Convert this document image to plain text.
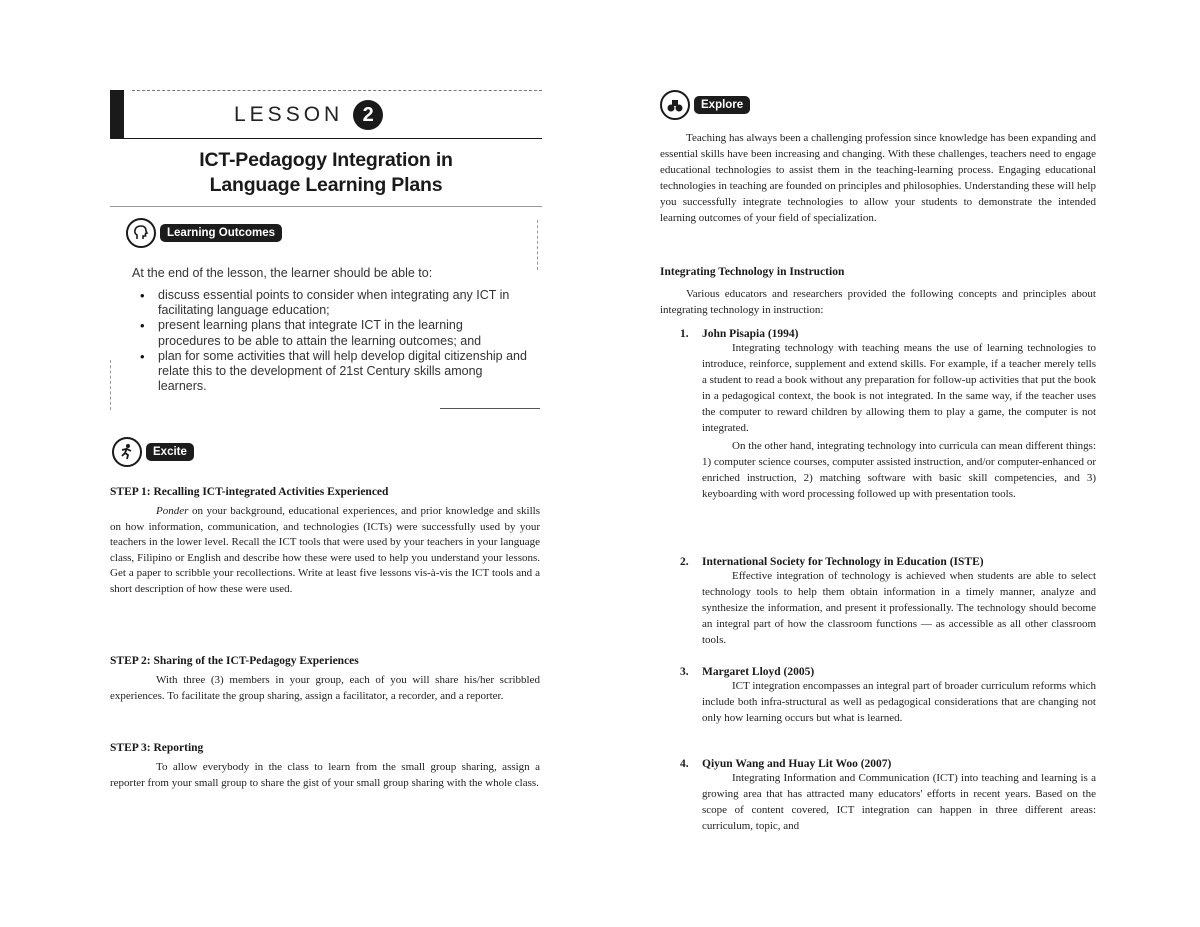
LESSON 2
ICT-Pedagogy Integration in
Language Learning Plans
Learning Outcomes
At the end of the lesson, the learner should be able to:
• discuss essential points to consider when integrating any ICT in facilitating language education;
• present learning plans that integrate ICT in the learning procedures to be able to attain the learning outcomes; and
• plan for some activities that will help develop digital citizenship and relate this to the development of 21st Century skills among learners.
Excite
STEP 1: Recalling ICT-integrated Activities Experienced
Ponder on your background, educational experiences, and prior knowledge and skills on how information, communication, and technologies (ICTs) were successfully used by your teachers in the lower level. Recall the ICT tools that were used by your teachers in your language class, Filipino or English and describe how these were used to help you understand your lessons. Get a paper to scribble your recollections. Write at least five lessons vis-à-vis the ICT tools and a short description of how these were used.
STEP 2: Sharing of the ICT-Pedagogy Experiences
With three (3) members in your group, each of you will share his/her scribbled experiences. To facilitate the group sharing, assign a facilitator, a recorder, and a reporter.
STEP 3: Reporting
To allow everybody in the class to learn from the small group sharing, assign a reporter from your small group to share the gist of your small group sharing with the whole class.
Explore
Teaching has always been a challenging profession since knowledge has been expanding and essential skills have been increasing and changing. With these challenges, teachers need to engage educational technologies to assist them in the teaching-learning process. Engaging educational technologies in teaching are founded on principles and philosophies. Understanding these will help you successfully integrate technologies to allow your students to demonstrate the intended learning outcomes of your field of specialization.
Integrating Technology in Instruction
Various educators and researchers provided the following concepts and principles about integrating technology in instruction:
1. John Pisapia (1994)
Integrating technology with teaching means the use of learning technologies to introduce, reinforce, supplement and extend skills. For example, if a teacher merely tells a student to read a book without any preparation for follow-up activities that put the book in a pedagogical context, the book is not integrated. In the same way, if the teacher uses the computer to reward children by allowing them to play a game, the computer is not integrated.
On the other hand, integrating technology into curricula can mean different things: 1) computer science courses, computer assisted instruction, and/or computer-enhanced or enriched instruction, 2) matching software with basic skill competencies, and 3) keyboarding with word processing followed up with presentation tools.
2. International Society for Technology in Education (ISTE)
Effective integration of technology is achieved when students are able to select technology tools to help them obtain information in a timely manner, analyze and synthesize the information, and present it professionally. The technology should become an integral part of how the classroom functions — as accessible as all other classroom tools.
3. Margaret Lloyd (2005)
ICT integration encompasses an integral part of broader curriculum reforms which include both infra-structural as well as pedagogical considerations that are changing not only how learning occurs but what is learned.
4. Qiyun Wang and Huay Lit Woo (2007)
Integrating Information and Communication (ICT) into teaching and learning is a growing area that has attracted many educators' efforts in recent years. Based on the scope of content covered, ICT integration can happen in three different areas: curriculum, topic, and
